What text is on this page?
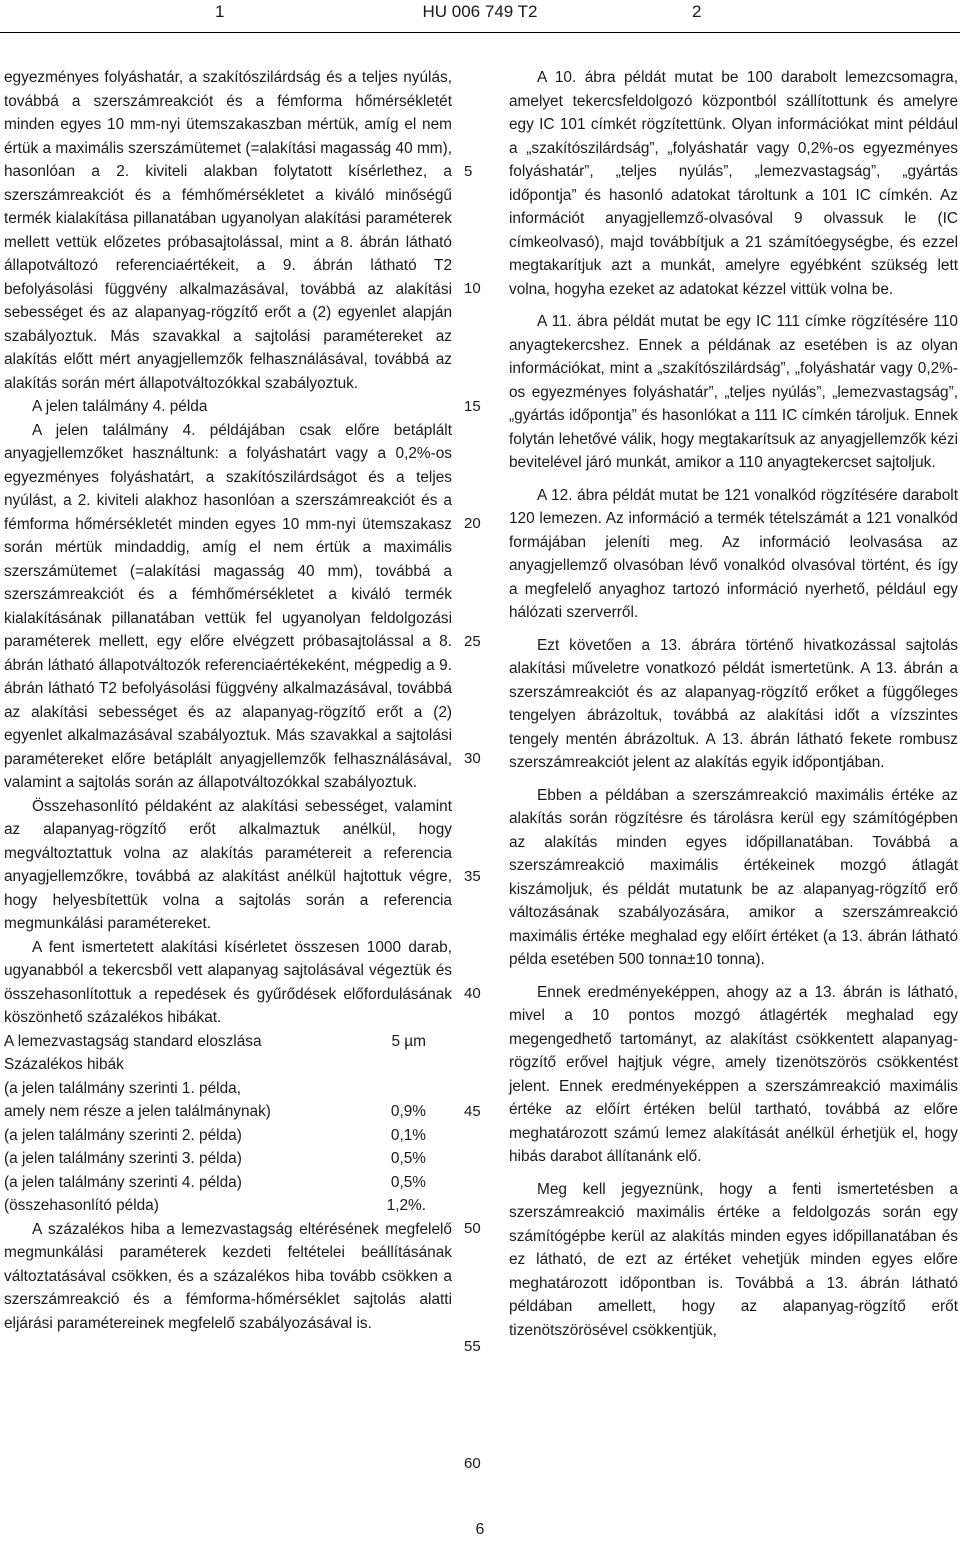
1	HU 006 749 T2	2

egyezményes folyáshatár, a szakítószilárdság és a teljes nyúlás, továbbá a szerszámreakciót és a fémforma hőmérsékletét minden egyes 10 mm-nyi ütemszakaszban mértük, amíg el nem értük a maximális szerszámütemet (=alakítási magasság 40 mm), hasonlóan a 2. kiviteli alakban folytatott kísérlethez, a szerszámreakciót és a fémhőmérsékletet a kiváló minőségű termék kialakítása pillanatában ugyanolyan alakítási paraméterek mellett vettük előzetes próbasajtolással, mint a 8. ábrán látható állapotváltozó referenciaértékeit, a 9. ábrán látható T2 befolyásolási függvény alkalmazásával, továbbá az alakítási sebességet és az alapanyag-rögzítő erőt a (2) egyenlet alapján szabályoztuk. Más szavakkal a sajtolási paramétereket az alakítás előtt mért anyagjellemzők felhasználásával, továbbá az alakítás során mért állapotváltozókkal szabályoztuk.

A jelen találmány 4. példa

A jelen találmány 4. példájában csak előre betáplált anyagjellemzőket használtunk: a folyáshatárt vagy a 0,2%-os egyezményes folyáshatárt, a szakítószilárdságot és a teljes nyúlást, a 2. kiviteli alakhoz hasonlóan a szerszámreakciót és a fémforma hőmérsékletét minden egyes 10 mm-nyi ütemszakasz során mértük mindaddig, amíg el nem értük a maximális szerszámütemet (=alakítási magasság 40 mm), továbbá a szerszámreakciót és a fémhőmérsékletet a kiváló termék kialakításának pillanatában vettük fel ugyanolyan feldolgozási paraméterek mellett, egy előre elvégzett próbasajtolással a 8. ábrán látható állapotváltozók referenciaértékeként, mégpedig a 9. ábrán látható T2 befolyásolási függvény alkalmazásával, továbbá az alakítási sebességet és az alapanyag-rögzítő erőt a (2) egyenlet alkalmazásával szabályoztuk. Más szavakkal a sajtolási paramétereket előre betáplált anyagjellemzők felhasználásával, valamint a sajtolás során az állapotváltozókkal szabályoztuk.

Összehasonlító példaként az alakítási sebességet, valamint az alapanyag-rögzítő erőt alkalmaztuk anélkül, hogy megváltoztattuk volna az alakítás paramétereit a referencia anyagjellemzőkre, továbbá az alakítást anélkül hajtottuk végre, hogy helyesbítettük volna a sajtolás során a referencia megmunkálási paramétereket.

A fent ismertetett alakítási kísérletet összesen 1000 darab, ugyanabból a tekercsből vett alapanyag sajtolásával végeztük és összehasonlítottuk a repedések és gyűrődések előfordulásának köszönhető százalékos hibákat.

A lemezvastagság standard eloszlása	5 µm
Százalékos hibák
(a jelen találmány szerinti 1. példa,
amely nem része a jelen találmánynak)	0,9%
(a jelen találmány szerinti 2. példa)	0,1%
(a jelen találmány szerinti 3. példa)	0,5%
(a jelen találmány szerinti 4. példa)	0,5%
(összehasonlító példa)	1,2%.

A százalékos hiba a lemezvastagság eltérésének megfelelő megmunkálási paraméterek kezdeti feltételei beállításának változtatásával csökken, és a százalékos hiba tovább csökken a szerszámreakció és a fémforma-hőmérséklet sajtolás alatti eljárási paramétereinek megfelelő szabályozásával is.

5
10
15
20
25
30
35
40
45
50
55
60

A 10. ábra példát mutat be 100 darabolt lemezcsomagra, amelyet tekercsfeldolgozó központból szállítottunk és amelyre egy IC 101 címkét rögzítettünk. Olyan információkat mint például a „szakítószilárdság”, „folyáshatár vagy 0,2%-os egyezményes folyáshatár”, „teljes nyúlás”, „lemezvastagság”, „gyártás időpontja” és hasonló adatokat tároltunk a 101 IC címkén. Az információt anyagjellemző-olvasóval 9 olvassuk le (IC címkeolvasó), majd továbbítjuk a 21 számítóegységbe, és ezzel megtakarítjuk azt a munkát, amelyre egyébként szükség lett volna, hogyha ezeket az adatokat kézzel vittük volna be.

A 11. ábra példát mutat be egy IC 111 címke rögzítésére 110 anyagtekercshez. Ennek a példának az esetében is az olyan információkat, mint a „szakítószilárdság”, „folyáshatár vagy 0,2%-os egyezményes folyáshatár”, „teljes nyúlás”, „lemezvastagság”, „gyártás időpontja” és hasonlókat a 111 IC címkén tároljuk. Ennek folytán lehetővé válik, hogy megtakarítsuk az anyagjellemzők kézi bevitelével járó munkát, amikor a 110 anyagtekercset sajtoljuk.

A 12. ábra példát mutat be 121 vonalkód rögzítésére darabolt 120 lemezen. Az információ a termék tételszámát a 121 vonalkód formájában jeleníti meg. Az információ leolvasása az anyagjellemző olvasóban lévő vonalkód olvasóval történt, és így a megfelelő anyaghoz tartozó információ nyerhető, például egy hálózati szerverről.

Ezt követően a 13. ábrára történő hivatkozással sajtolás alakítási műveletre vonatkozó példát ismertetünk. A 13. ábrán a szerszámreakciót és az alapanyag-rögzítő erőket a függőleges tengelyen ábrázoltuk, továbbá az alakítási időt a vízszintes tengely mentén ábrázoltuk. A 13. ábrán látható fekete rombusz szerszámreakciót jelent az alakítás egyik időpontjában.

Ebben a példában a szerszámreakció maximális értéke az alakítás során rögzítésre és tárolásra kerül egy számítógépben az alakítás minden egyes időpillanatában. Továbbá a szerszámreakció maximális értékeinek mozgó átlagát kiszámoljuk, és példát mutatunk be az alapanyag-rögzítő erő változásának szabályozására, amikor a szerszámreakció maximális értéke meghalad egy előírt értéket (a 13. ábrán látható példa esetében 500 tonna±10 tonna).

Ennek eredményeképpen, ahogy az a 13. ábrán is látható, mivel a 10 pontos mozgó átlagérték meghalad egy megengedhető tartományt, az alakítást csökkentett alapanyag-rögzítő erővel hajtjuk végre, amely tizenötszörös csökkentést jelent. Ennek eredményeképpen a szerszámreakció maximális értéke az előírt értéken belül tartható, továbbá az előre meghatározott számú lemez alakítását anélkül érhetjük el, hogy hibás darabot állítanánk elő.

Meg kell jegyeznünk, hogy a fenti ismertetésben a szerszámreakció maximális értéke a feldolgozás során egy számítógépbe kerül az alakítás minden egyes időpillanatában és ez látható, de ezt az értéket vehetjük minden egyes előre meghatározott időpontban is. Továbbá a 13. ábrán látható példában amellett, hogy az alapanyag-rögzítő erőt tizenötszörösével csökkentjük,

6
